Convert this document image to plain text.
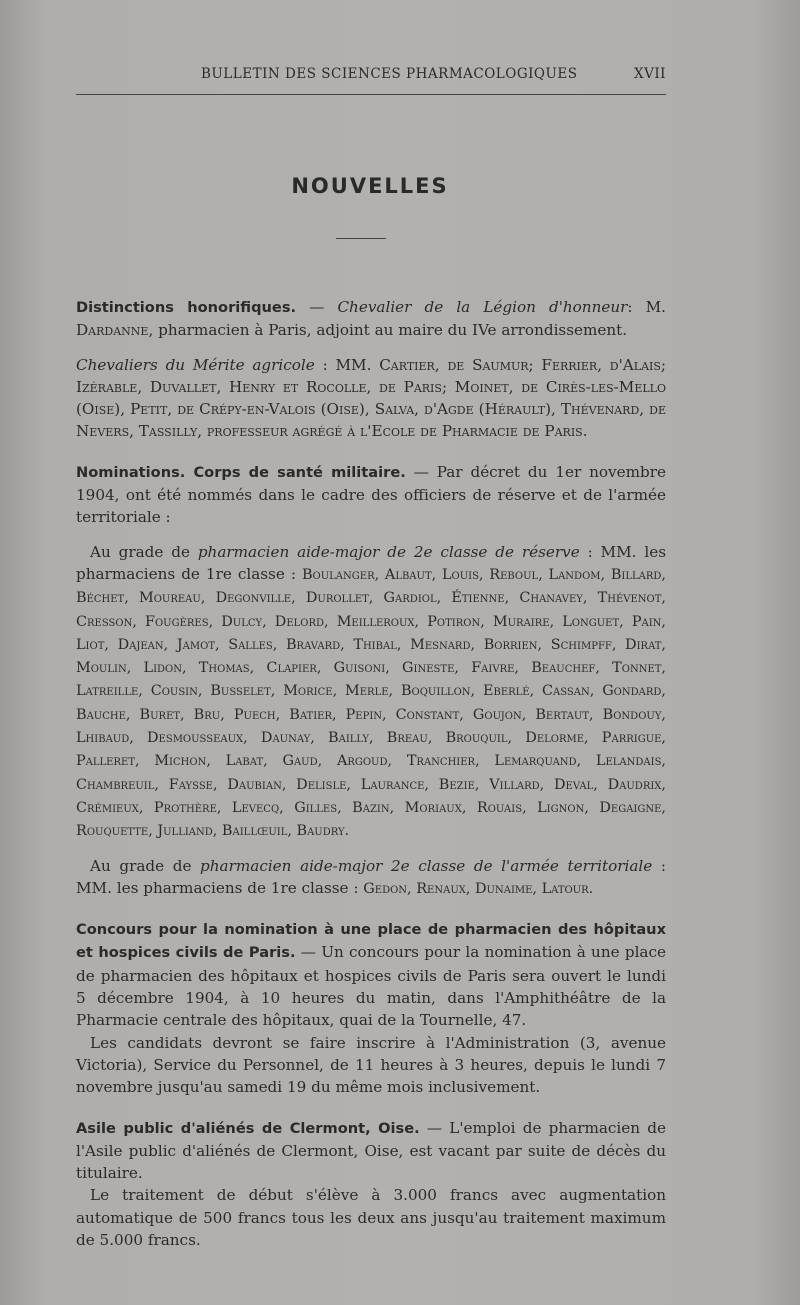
BULLETIN DES SCIENCES PHARMACOLOGIQUES	XVII
NOUVELLES

Distinctions honorifiques. — Chevalier de la Légion d'honneur: M. Dardanne, pharmacien à Paris, adjoint au maire du IVe arrondissement.

Chevaliers du Mérite agricole : MM. Cartier, de Saumur; Ferrier, d'Alais; Izérable, Duvallet, Henry et Rocolle, de Paris; Moinet, de Cirès-les-Mello (Oise), Petit, de Crépy-en-Valois (Oise), Salva, d'Agde (Hérault), Thévenard, de Nevers, Tassilly, professeur agrégé à l'Ecole de Pharmacie de Paris.

Nominations. Corps de santé militaire. — Par décret du 1er novembre 1904, ont été nommés dans le cadre des officiers de réserve et de l'armée territoriale :

Au grade de pharmacien aide-major de 2e classe de réserve : MM. les pharmaciens de 1re classe : Boulanger, Albaut, Louis, Reboul, Landom, Billard, Béchet, Moureau, Degonville, Durollet, Gardiol, Étienne, Chanavey, Thévenot, Cresson, Fougères, Dulcy, Delord, Meilleroux, Potiron, Muraire, Longuet, Pain, Liot, Dajean, Jamot, Salles, Bravard, Thibal, Mesnard, Borrien, Schimpff, Dirat, Moulin, Lidon, Thomas, Clapier, Guisoni, Gineste, Faivre, Beauchef, Tonnet, Latreille, Cousin, Busselet, Morice, Merle, Boquillon, Eberlé, Cassan, Gondard, Bauche, Buret, Bru, Puech, Batier, Pepin, Constant, Goujon, Bertaut, Bondouy, Lhibaud, Desmousseaux, Daunay, Bailly, Breau, Brouquil, Delorme, Parrigue, Palleret, Michon, Labat, Gaud, Argoud, Tranchier, Lemarquand, Lelandais, Chambreuil, Faysse, Daubian, Delisle, Laurance, Bezie, Villard, Deval, Daudrix, Crémieux, Prothère, Levecq, Gilles, Bazin, Moriaux, Rouais, Lignon, Degaigne, Rouquette, Julliand, Baillœuil, Baudry.

Au grade de pharmacien aide-major 2e classe de l'armée territoriale : MM. les pharmaciens de 1re classe : Gedon, Renaux, Dunaime, Latour.

Concours pour la nomination à une place de pharmacien des hôpitaux et hospices civils de Paris. — Un concours pour la nomination à une place de pharmacien des hôpitaux et hospices civils de Paris sera ouvert le lundi 5 décembre 1904, à 10 heures du matin, dans l'Amphithéâtre de la Pharmacie centrale des hôpitaux, quai de la Tournelle, 47.

Les candidats devront se faire inscrire à l'Administration (3, avenue Victoria), Service du Personnel, de 11 heures à 3 heures, depuis le lundi 7 novembre jusqu'au samedi 19 du même mois inclusivement.

Asile public d'aliénés de Clermont, Oise. — L'emploi de pharmacien de l'Asile public d'aliénés de Clermont, Oise, est vacant par suite de décès du titulaire.

Le traitement de début s'élève à 3.000 francs avec augmentation automatique de 500 francs tous les deux ans jusqu'au traitement maximum de 5.000 francs.
